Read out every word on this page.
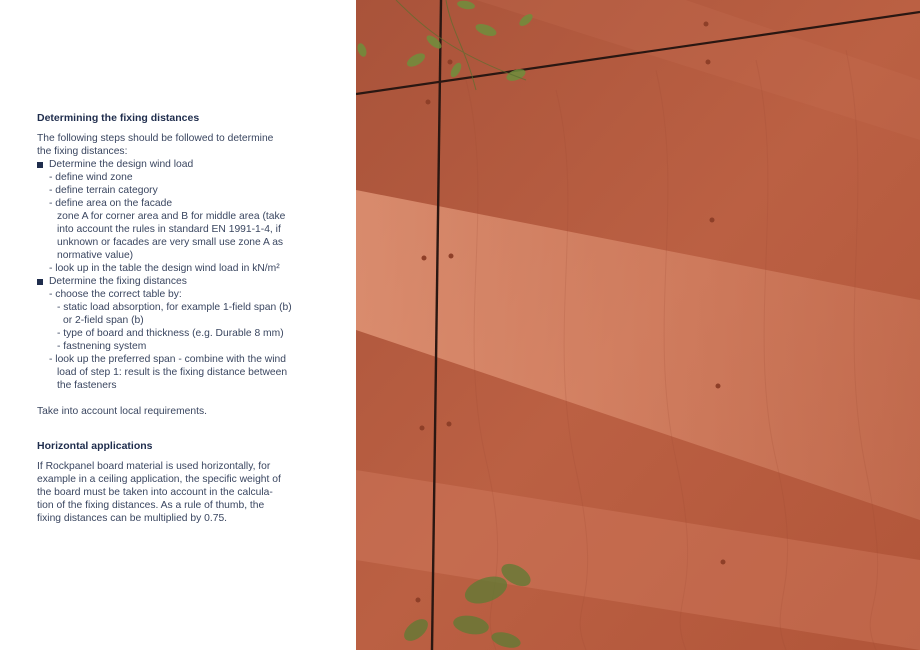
Determining the fixing distances

The following steps should be followed to determine

the fixing distances:

Determine the design wind load

- define wind zone

- define terrain category

- define area on the facade

zone A for corner area and B for middle area (take

into account the rules in standard EN 1991-1-4, if

unknown or facades are very small use zone A as

normative value)

- look up in the table the design wind load in kN/m²

Determine the fixing distances

- choose the correct table by:

- static load absorption, for example 1-field span (b)

or 2-field span (b)

- type of board and thickness (e.g. Durable 8 mm)

- fastnening system

- look up the preferred span - combine with the wind

load of step 1: result is the fixing distance between

the fasteners

Take into account local requirements.

Horizontal applications

If Rockpanel board material is used horizontally, for

example in a ceiling application, the specific weight of

the board must be taken into account in the calcula-

tion of the fixing distances. As a rule of thumb, the

fixing distances can be multiplied by 0.75.
